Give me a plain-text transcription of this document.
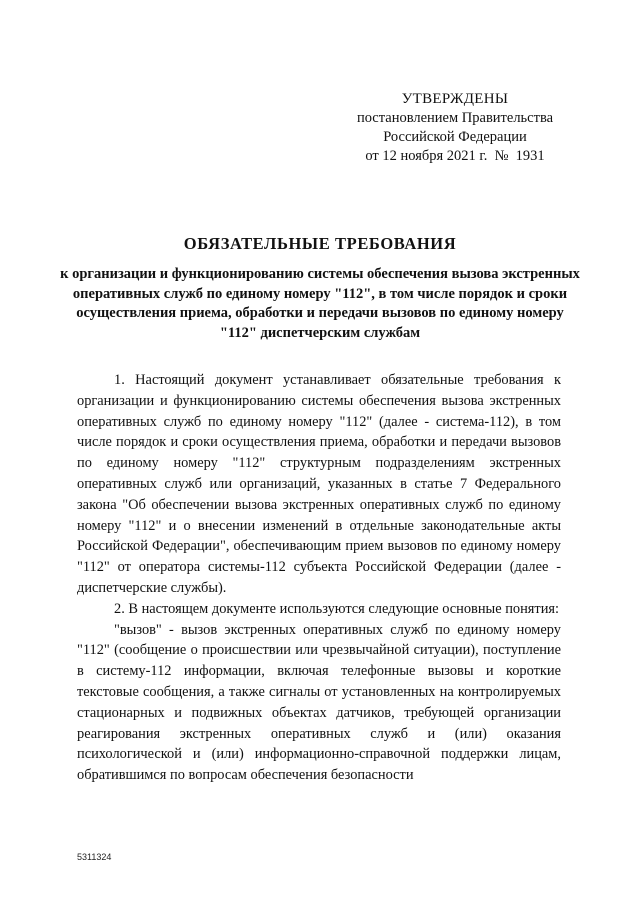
УТВЕРЖДЕНЫ
постановлением Правительства
Российской Федерации
от 12 ноября 2021 г.  №  1931
ОБЯЗАТЕЛЬНЫЕ ТРЕБОВАНИЯ
к организации и функционированию системы обеспечения вызова экстренных оперативных служб по единому номеру "112", в том числе порядок и сроки осуществления приема, обработки и передачи вызовов по единому номеру "112" диспетчерским службам

1. Настоящий документ устанавливает обязательные требования к организации и функционированию системы обеспечения вызова экстренных оперативных служб по единому номеру "112" (далее - система-112), в том числе порядок и сроки осуществления приема, обработки и передачи вызовов по единому номеру "112" структурным подразделениям экстренных оперативных служб или организаций, указанных в статье 7 Федерального закона "Об обеспечении вызова экстренных оперативных служб по единому номеру "112" и о внесении изменений в отдельные законодательные акты Российской Федерации", обеспечивающим прием вызовов по единому номеру "112" от оператора системы-112 субъекта Российской Федерации (далее - диспетчерские службы).

2. В настоящем документе используются следующие основные понятия:

"вызов" - вызов экстренных оперативных служб по единому номеру "112" (сообщение о происшествии или чрезвычайной ситуации), поступление в систему-112 информации, включая телефонные вызовы и короткие текстовые сообщения, а также сигналы от установленных на контролируемых стационарных и подвижных объектах датчиков, требующей организации реагирования экстренных оперативных служб и (или) оказания психологической и (или) информационно-справочной поддержки лицам, обратившимся по вопросам обеспечения безопасности

5311324
